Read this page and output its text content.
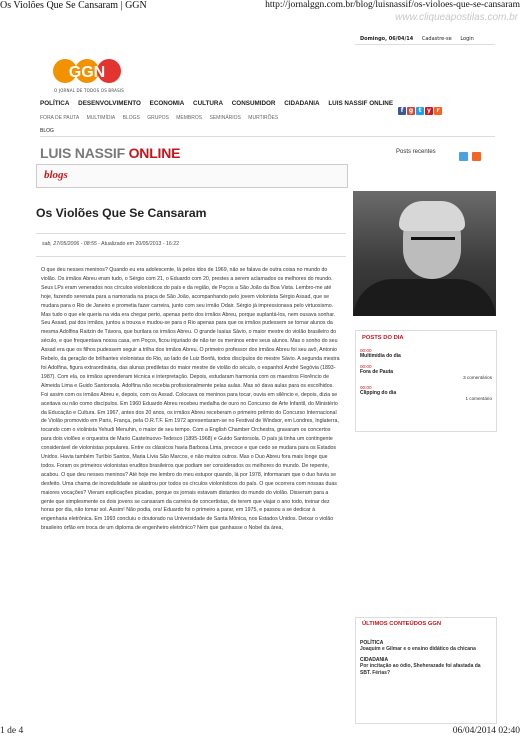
Os Violões Que Se Cansaram | GGN	http://jornalggn.com.br/blog/luisnassif/os-violoes-que-se-cansaram
www.cliqueapostilas.com.br
1 de 4	06/04/2014 02:40
Domingo, 06/04/14 Cadastre-se Login
GGN
O JORNAL DE TODOS OS BRASIS
POLÍTICA DESENVOLVIMENTO ECONOMIA CULTURA CONSUMIDOR CIDADANIA LUIS NASSIF ONLINE
f g t y r
FORA DE PAUTA MULTIMÍDIA BLOGS GRUPOS MEMBROS SEMINÁRIOS MURTIRÕES
BLOG
LUIS NASSIF ONLINE	Posts recentes
blogs
Os Violões Que Se Cansaram
sab, 27/05/2006 - 08:55 - Atualizado em 20/05/2013 - 16:22

O que deu nesses meninos? Quando eu era adolescente, lá pelos idos de 1969, não se falava de outra coisa no mundo do violão. Os irmãos Abreu eram tudo, o Sérgio com 21, o Eduardo com 20, prestes a serem aclamados os melhores do mundo. Seus LPs eram venerados nos círculos violonísticos do país e da região, de Poços a São João da Boa Vista. Lembro-me até hoje, fazendo serenata para a namorada na praça de São João, acompanhando pelo jovem violonista Sérgio Assad, que se mudara para o Rio de Janeiro e prometia fazer carreira, junto com seu irmão Odair. Sérgio já impressionava pelo virtuosismo. Mas tudo o que ele queria na vida era chegar perto, apenas perto dos irmãos Abreu, porque suplantá-los, nem ousava sonhar. Seu Assad, pai dos irmãos, juntou a trouxa e mudou-se para o Rio apenas para que os irmãos pudessem se tornar alunos da mesma Adolfina Raitzin de Távora, que burilara os irmãos Abreu. O grande Isaías Sávio, o maior mestre do violão brasileiro do século, e que frequentava nossa casa, em Poços, ficou injuriado de não ter os meninos entre seus alunos. Mas o sonho do seu Assad era que os filhos pudessem seguir a trilha dos irmãos Abreu. O primeiro professor dos irmãos Abreu foi seu avô, Antonio Rebelo, da geração de brilhantes violonistas do Rio, ao lado de Luiz Bonfá, todos discípulos do mestre Sávio. A segunda mestra foi Adolfina, figura extraordinária, das alunas prediletas do maior mestre de violão do século, o espanhol André Segóvia (1893-1987). Com ela, os irmãos aprenderam técnica e interpretação. Depois, estudaram harmonia com os maestros Florêncio de Almeida Lima e Guido Santorsola. Adolfina não recebia profissionalmente pelas aulas. Mas só dava aulas para os escolhidos. Foi assim com os irmãos Abreu e, depois, com os Assad. Colocava os meninos para tocar, ouvia em silêncio e, depois, dizia se aceitava ou não como discípulos. Em 1960 Eduardo Abreu recebeu medalha de ouro no Concurso de Arte Infantil, do Ministério da Educação e Cultura. Em 1967, antes dos 20 anos, os irmãos Abreu receberam o primeiro prêmio do Concurso Internacional de Violão promovido em Paris, França, pela O.R.T.F. Em 1972 apresentaram-se no Festival de Windsor, em Londres, Inglaterra, tocando com o violinista Yehudi Menuhin, o maior de seu tempo. Com a English Chamber Orchestra, gravaram os concertos para dois violões e orquestra de Mario Castelnuovo-Tedesco (1895-1968) e Guido Santorsola. O país já tinha um contingente considerável de violonistas populares. Entre os clássicos havia Barbosa Lima, precoce e que cedo se mudara para os Estados Unidos. Havia também Turíbio Santos, Maria Lívia São Marcos, e não muitos outros. Mas o Duo Abreu fora mais longe que todos. Foram os primeiros violonistas eruditos brasileiros que podiam ser considerados os melhores do mundo. De repente, acabou. O que deu nesses meninos? Até hoje me lembro do meu estupor quando, lá por 1978, informaram que o duo havia se desfeito. Uma chama de incredulidade se alastrou por todos os círculos violonísticos do país. O que ocorrera com nossas duas maiores vocações? Vieram explicações picadas, porque os jornais estavam distantes do mundo do violão. Disseram para a gente que simplesmente os dois jovens se cansaram da carreira de concertistas, de terem que viajar o ano todo, treinar dez horas por dia, não tomar sol. Assim! Não podia, ora! Eduardo foi o primeiro a parar, em 1975, e passou a se dedicar à engenharia eletrônica. Em 1993 concluiu o doutorado na Universidade de Santa Mônica, nos Estados Unidos. Deixar o violão brasileiro órfão em troca de um diploma de engenheiro eletrônico? Nem que ganhasse o Nobel da área,

POSTS DO DIA
00:00
Multimídia do dia
00:00
Fora de Pauta
3 comentários
00:00
Clipping do dia
1 comentário
ÚLTIMOS CONTEÚDOS GGN
POLÍTICA
Joaquim e Gilmar e o ensino didático da chicana
CIDADANIA
Por incitação ao ódio, Sheherazade foi afastada da SBT. Férias?
